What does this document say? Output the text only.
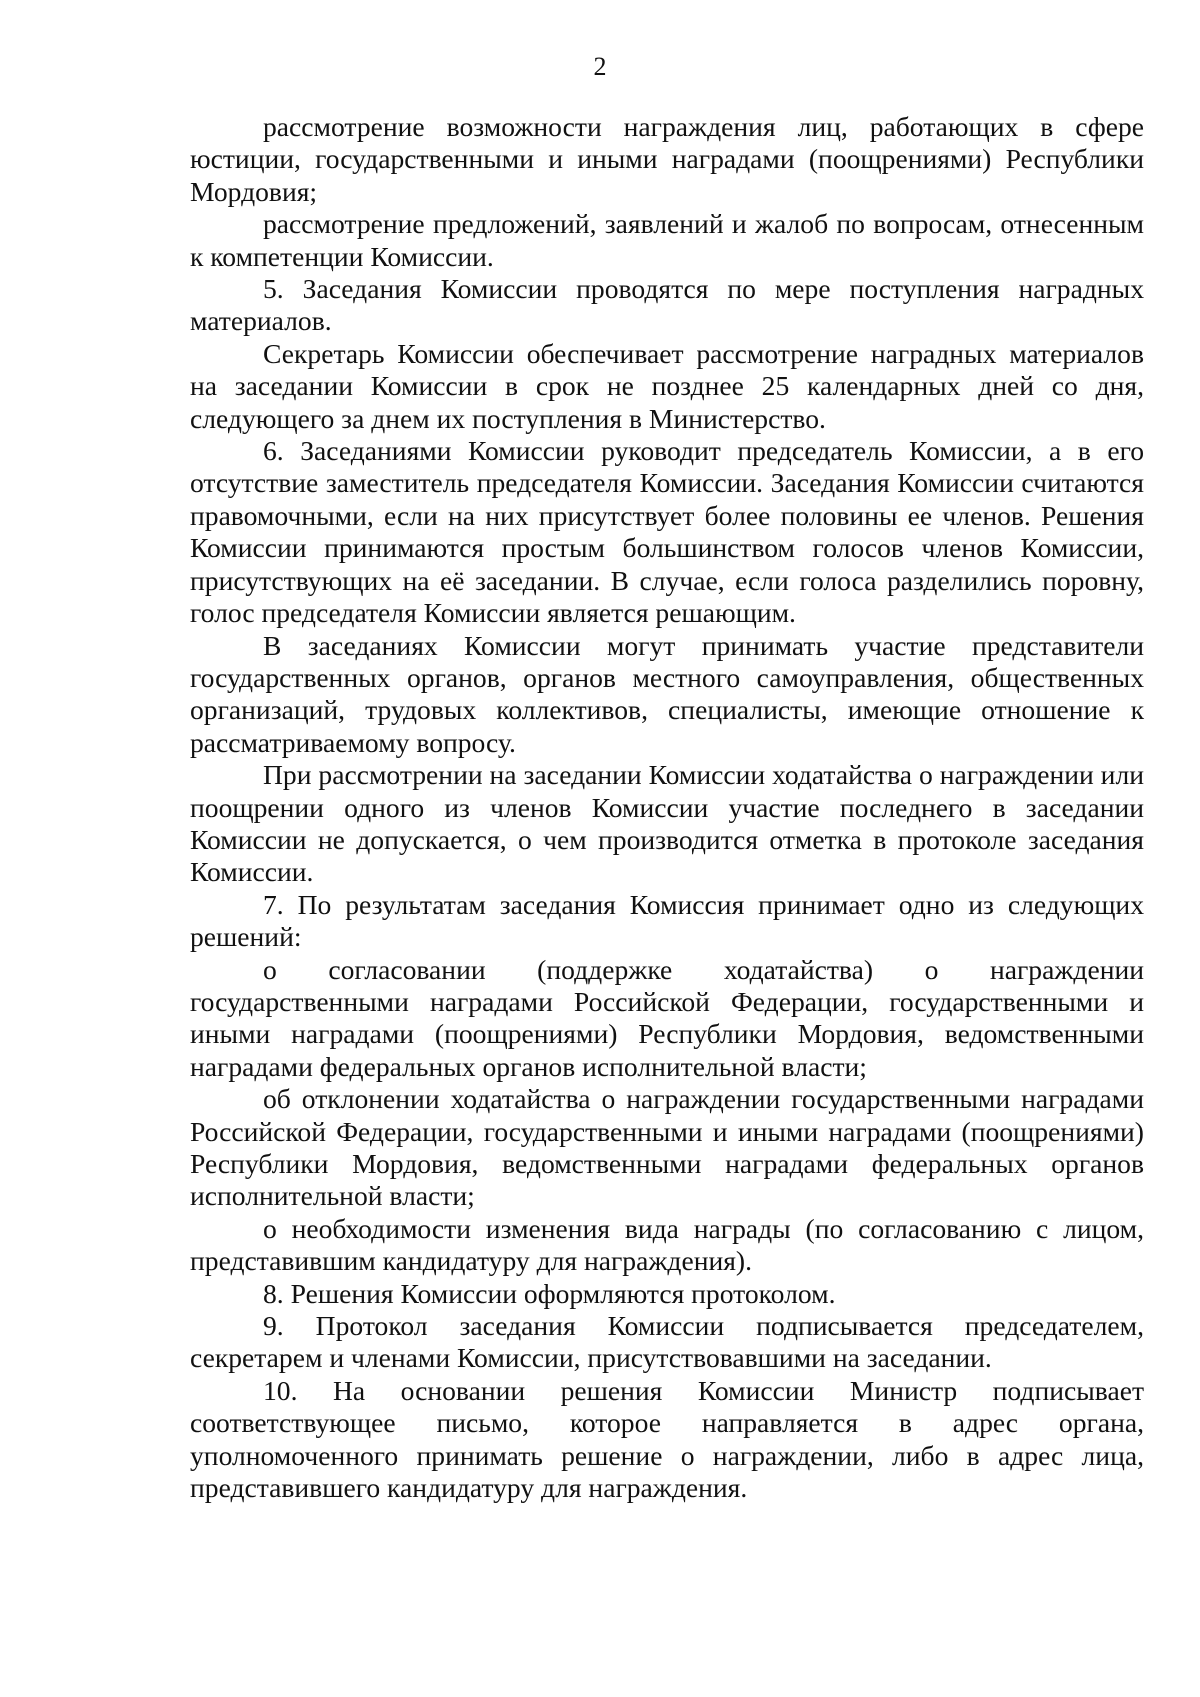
2

рассмотрение возможности награждения лиц, работающих в сфере юстиции, государственными и иными наградами (поощрениями) Республики Мордовия;

рассмотрение предложений, заявлений и жалоб по вопросам, отнесенным к компетенции Комиссии.

5. Заседания Комиссии проводятся по мере поступления наградных материалов.

Секретарь Комиссии обеспечивает рассмотрение наградных материалов на заседании Комиссии в срок не позднее 25 календарных дней со дня, следующего за днем их поступления в Министерство.

6. Заседаниями Комиссии руководит председатель Комиссии, а в его отсутствие заместитель председателя Комиссии. Заседания Комиссии считаются правомочными, если на них присутствует более половины ее членов. Решения Комиссии принимаются простым большинством голосов членов Комиссии, присутствующих на её заседании. В случае, если голоса разделились поровну, голос председателя Комиссии является решающим.

В заседаниях Комиссии могут принимать участие представители государственных органов, органов местного самоуправления, общественных организаций, трудовых коллективов, специалисты, имеющие отношение к рассматриваемому вопросу.

При рассмотрении на заседании Комиссии ходатайства о награждении или поощрении одного из членов Комиссии участие последнего в заседании Комиссии не допускается, о чем производится отметка в протоколе заседания Комиссии.

7. По результатам заседания Комиссия принимает одно из следующих решений:

о согласовании (поддержке ходатайства) о награждении государственными наградами Российской Федерации, государственными и иными наградами (поощрениями) Республики Мордовия, ведомственными наградами федеральных органов исполнительной власти;

об отклонении ходатайства о награждении государственными наградами Российской Федерации, государственными и иными наградами (поощрениями) Республики Мордовия, ведомственными наградами федеральных органов исполнительной власти;

о необходимости изменения вида награды (по согласованию с лицом, представившим кандидатуру для награждения).

8. Решения Комиссии оформляются протоколом.

9. Протокол заседания Комиссии подписывается председателем, секретарем и членами Комиссии, присутствовавшими на заседании.

10. На основании решения Комиссии Министр подписывает соответствующее письмо, которое направляется в адрес органа, уполномоченного принимать решение о награждении, либо в адрес лица, представившего кандидатуру для награждения.
